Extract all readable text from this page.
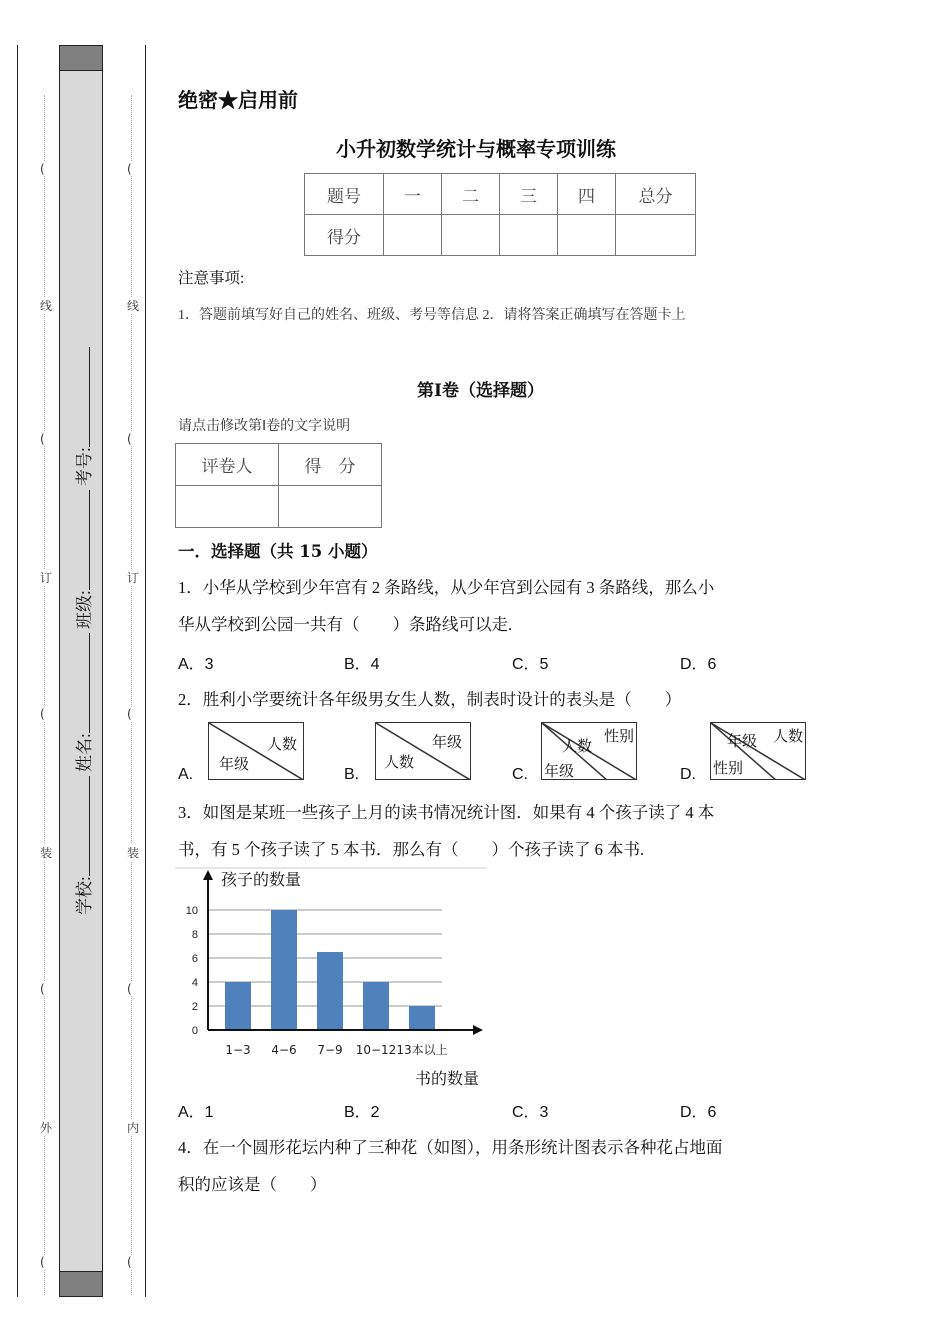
(
线
(
订
(
装
(
外
(
(
线
(
订
(
装
(
内
(
学校: 姓名: 班级: 考号:
绝密★启用前
小升初数学统计与概率专项训练
题号	一	二	三	四	总分
得分					
注意事项:
1．答题前填写好自己的姓名、班级、考号等信息 2．请将答案正确填写在答题卡上
第Ⅰ卷（选择题）
请点击修改第Ⅰ卷的文字说明
评卷人	得　分

一．选择题（共 15 小题）
1．小华从学校到少年宫有 2 条路线，从少年宫到公园有 3 条路线，那么小
华从学校到公园一共有（　　）条路线可以走.
A．3	B．4	C．5	D．6
2．胜利小学要统计各年级男女生人数，制表时设计的表头是（　　）
A.
人数
年级
B.
年级
人数
C.
性别
人数
年级	D.
人数
年级
性别
3．如图是某班一些孩子上月的读书情况统计图．如果有 4 个孩子读了 4 本
书，有 5 个孩子读了 5 本书．那么有（　　）个孩子读了 6 本书.
0
2
4
6
8
10
1−3 4−6 7−9 10−12 13本以上
孩子的数量
书的数量
A．1	B．2	C．3	D．6
4．在一个圆形花坛内种了三种花（如图），用条形统计图表示各种花占地面
积的应该是（　　）
